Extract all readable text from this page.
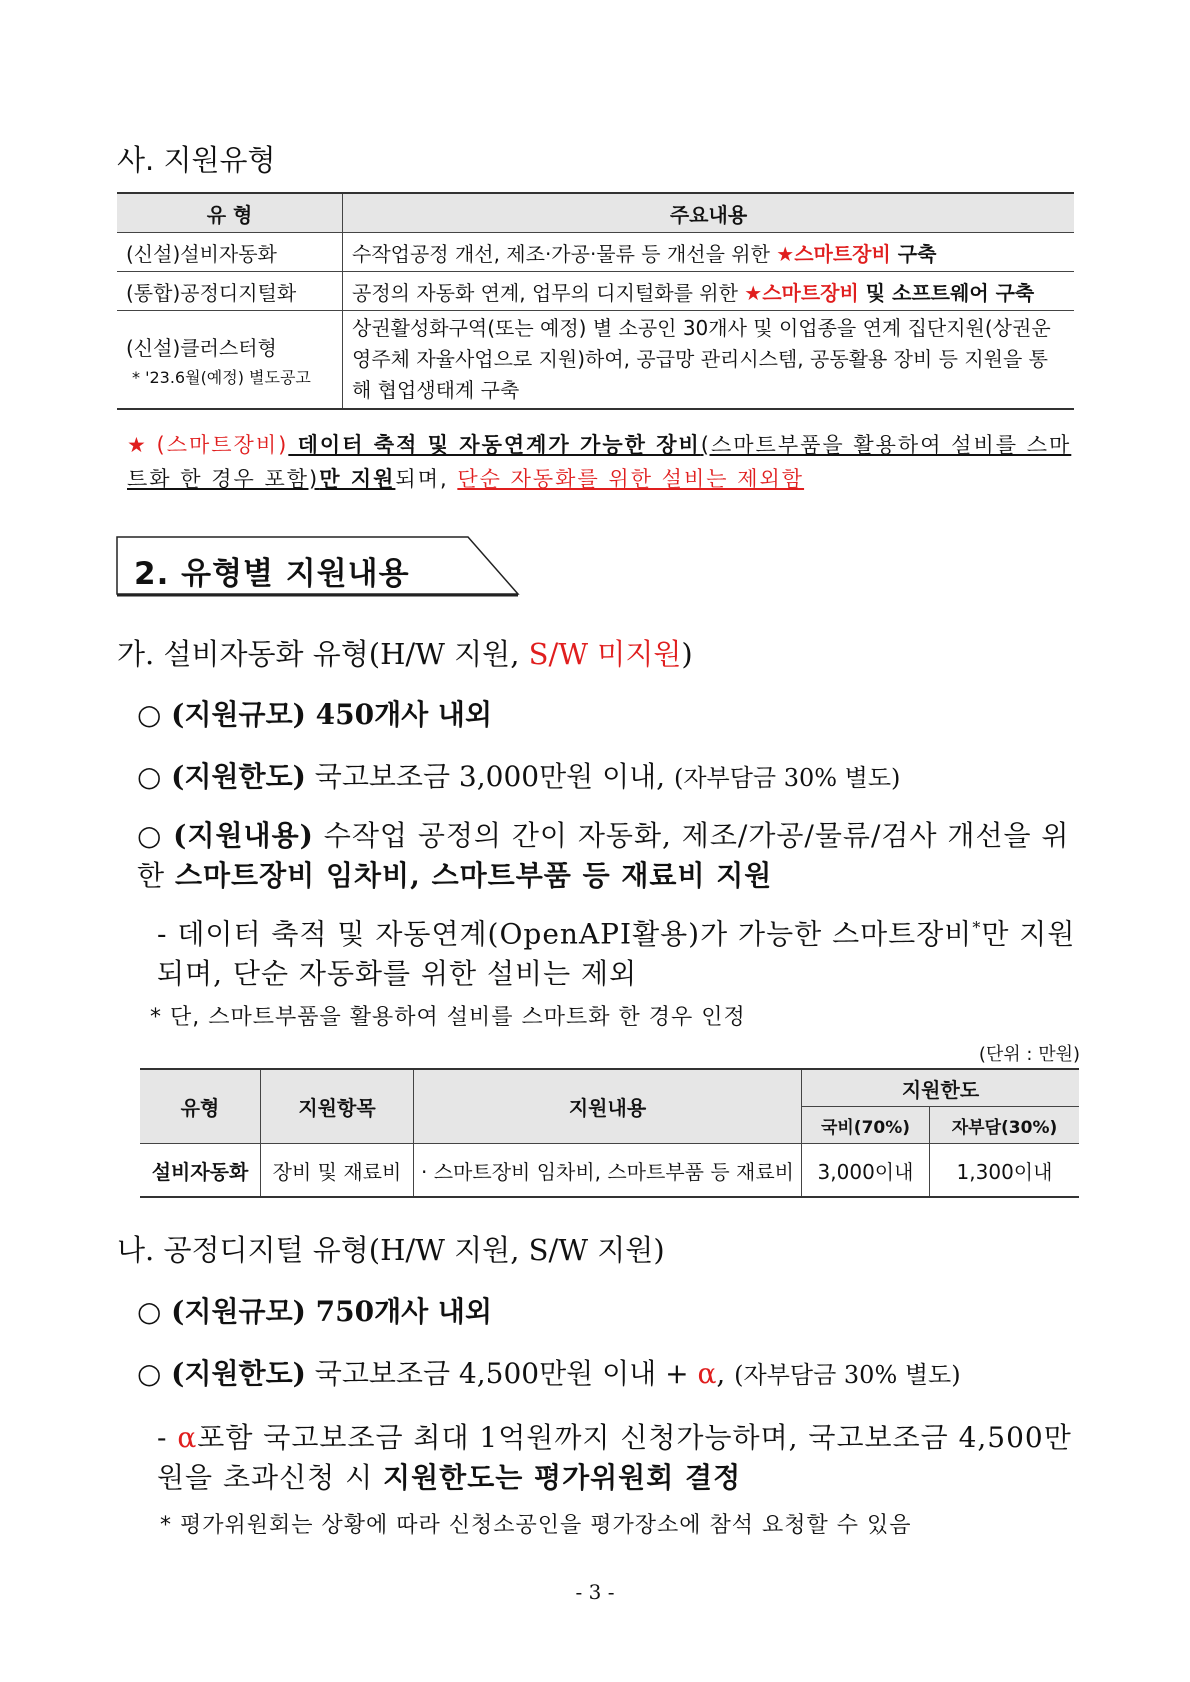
사. 지원유형
유 형	주요내용
(신설)설비자동화	수작업공정 개선, 제조·가공·물류 등 개선을 위한 ★스마트장비 구축
(통합)공정디지털화	공정의 자동화 연계, 업무의 디지털화를 위한 ★스마트장비 및 소프트웨어 구축
(신설)클러스터형
* '23.6월(예정) 별도공고	상권활성화구역(또는 예정) 별 소공인 30개사 및 이업종을 연계 집단지원(상권운영주체 자율사업으로 지원)하여, 공급망 관리시스템, 공동활용 장비 등 지원을 통해 협업생태계 구축
★ (스마트장비) 데이터 축적 및 자동연계가 가능한 장비(스마트부품을 활용하여 설비를 스마트화 한 경우 포함)만 지원되며, 단순 자동화를 위한 설비는 제외함
2. 유형별 지원내용
가. 설비자동화 유형(H/W 지원, S/W 미지원)
○ (지원규모) 450개사 내외
○ (지원한도) 국고보조금 3,000만원 이내, (자부담금 30% 별도)
○ (지원내용) 수작업 공정의 간이 자동화, 제조/가공/물류/검사 개선을 위한 스마트장비 임차비, 스마트부품 등 재료비 지원
- 데이터 축적 및 자동연계(OpenAPI활용)가 가능한 스마트장비*만 지원되며, 단순 자동화를 위한 설비는 제외
* 단, 스마트부품을 활용하여 설비를 스마트화 한 경우 인정
(단위 : 만원)
유형	지원항목	지원내용	지원한도	
			국비(70%)	자부담(30%)
설비자동화	장비 및 재료비	· 스마트장비 임차비, 스마트부품 등 재료비	3,000이내	1,300이내
나. 공정디지털 유형(H/W 지원, S/W 지원)
○ (지원규모) 750개사 내외
○ (지원한도) 국고보조금 4,500만원 이내 + α, (자부담금 30% 별도)
- α포함 국고보조금 최대 1억원까지 신청가능하며, 국고보조금 4,500만원을 초과신청 시 지원한도는 평가위원회 결정
* 평가위원회는 상황에 따라 신청소공인을 평가장소에 참석 요청할 수 있음
- 3 -
